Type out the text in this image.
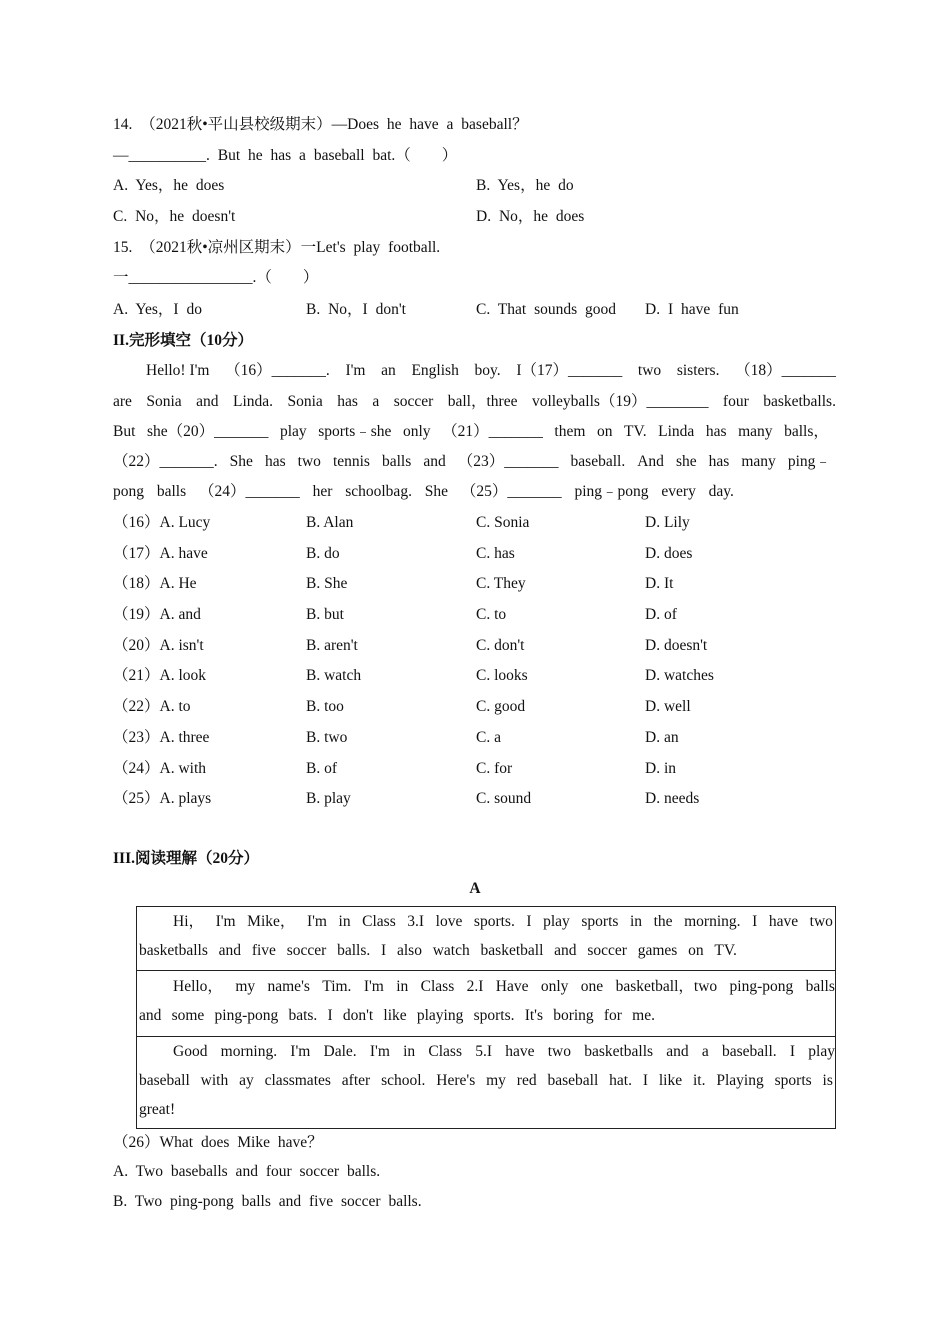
14. （2021秋•平山县校级期末）—Does he have a baseball？
—__________. But he has a baseball bat.（　　）
A. Yes，he does	B. Yes，he do
C. No，he doesn't	D. No，he does
15. （2021秋•凉州区期末）一Let's play football.
一________________.（　　）
A. Yes，I do	B. No，I don't	C. That sounds good D. I have fun
II.完形填空（10分）
Hello! I'm （16）_______. I'm an English boy. I（17）_______ two sisters. （18）_______
are Sonia and Linda. Sonia has a soccer ball，three volleyballs（19）________ four basketballs.
But she（20）_______ play sports﹣she only （21）_______ them on TV. Linda has many balls，
（22）_______. She has two tennis balls and （23）_______ baseball. And she has many ping﹣
pong balls （24）_______ her schoolbag. She （25）_______ ping﹣pong every day.
（16）A. Lucy	B. Alan	C. Sonia	D. Lily
（17）A. have	B. do	C. has	D. does
（18）A. He	B. She	C. They	D. It
（19）A. and	B. but	C. to	D. of
（20）A. isn't	B. aren't	C. don't	D. doesn't
（21）A. look	B. watch	C. looks	D. watches
（22）A. to	B. too	C. good	D. well
（23）A. three	B. two	C. a	D. an
（24）A. with	B. of	C. for	D. in
（25）A. plays	B. play	C. sound	D. needs
III.阅读理解（20分）
A
Hi， I'm Mike， I'm in Class 3.I love sports. I play sports in the morning. I have two
basketballs and five soccer balls. I also watch basketball and soccer games on TV.
Hello， my name's Tim. I'm in Class 2.I Have only one basketball，two ping-pong balls
and some ping-pong bats. I don't like playing sports. It's boring for me.
Good morning. I'm Dale. I'm in Class 5.I have two basketballs and a baseball. I play
baseball with ay classmates after school. Here's my red baseball hat. I like it. Playing sports is
great!
（26）What does Mike have？
A. Two baseballs and four soccer balls.
B. Two ping-pong balls and five soccer balls.
